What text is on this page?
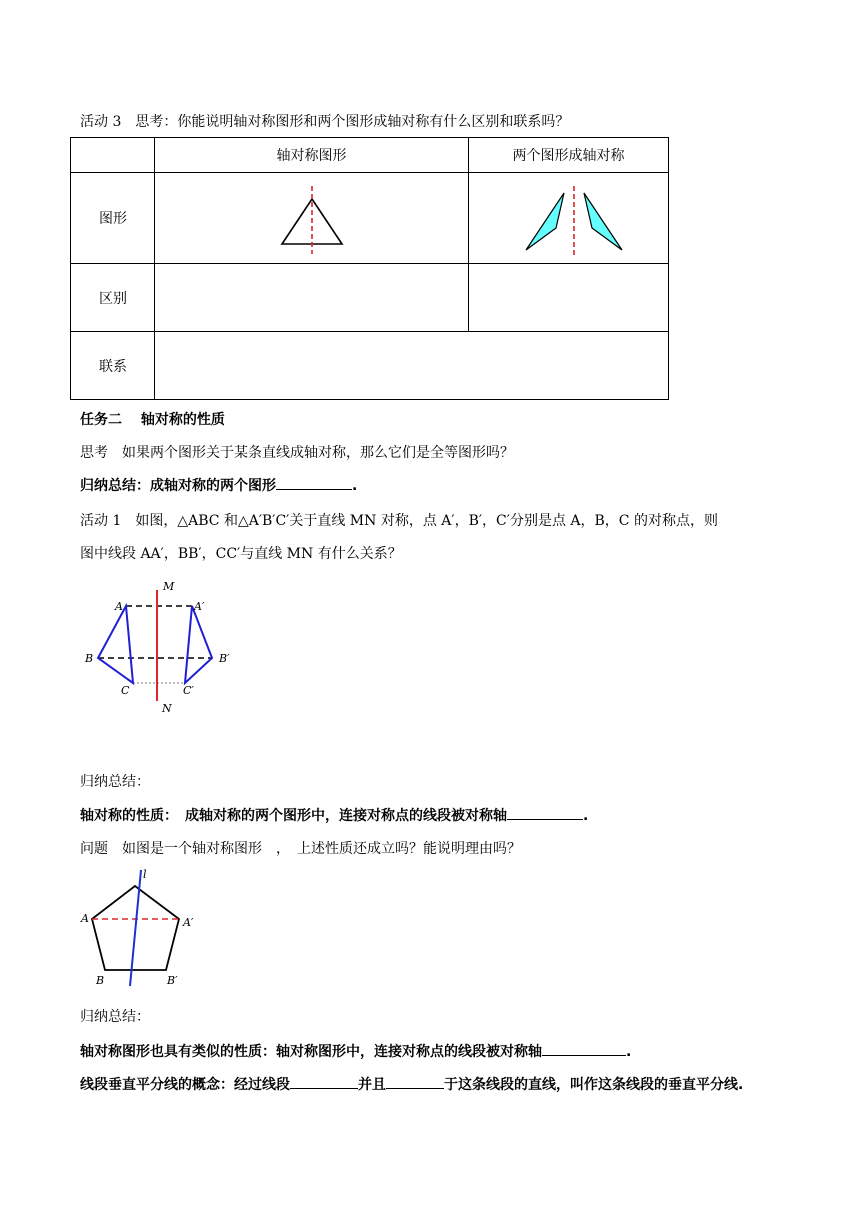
活动 3　思考：你能说明轴对称图形和两个图形成轴对称有什么区别和联系吗？
	轴对称图形	两个图形成轴对称
图形		
区别		
联系		
任务二　 轴对称的性质
思考　如果两个图形关于某条直线成轴对称，那么它们是全等图形吗？
归纳总结：成轴对称的两个图形	.
活动 1　如图，△ABC 和△A′B′C′关于直线 MN 对称，点 A′，B′，C′分别是点 A，B，C 的对称点，则
图中线段 AA′，BB′，CC′与直线 MN 有什么关系？
M
N
A	A′
B	B′
C	C′
归纳总结：
轴对称的性质：　成轴对称的两个图形中，连接对称点的线段被对称轴	.
问题　如图是一个轴对称图形　，　上述性质还成立吗？能说明理由吗？
l
A	A′
B	B′
归纳总结：
轴对称图形也具有类似的性质：轴对称图形中，连接对称点的线段被对称轴	.
线段垂直平分线的概念：经过线段	并且	于这条线段的直线，叫作这条线段的垂直平分线.
